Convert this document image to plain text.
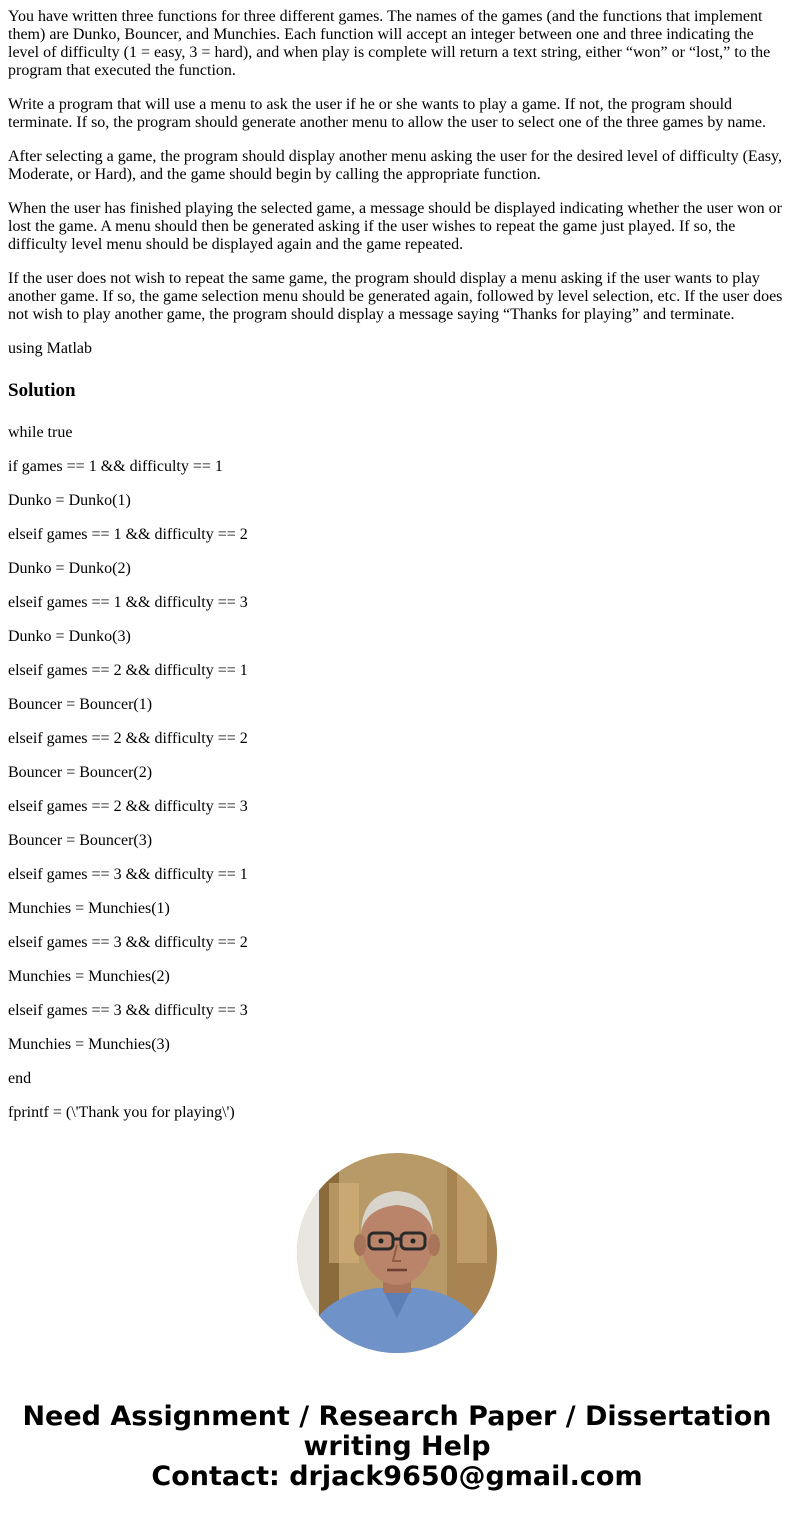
You have written three functions for three different games. The names of the games (and the functions that implement them) are Dunko, Bouncer, and Munchies. Each function will accept an integer between one and three indicating the level of difficulty (1 = easy, 3 = hard), and when play is complete will return a text string, either “won” or “lost,” to the program that executed the function.

Write a program that will use a menu to ask the user if he or she wants to play a game. If not, the program should terminate. If so, the program should generate another menu to allow the user to select one of the three games by name.

After selecting a game, the program should display another menu asking the user for the desired level of difficulty (Easy, Moderate, or Hard), and the game should begin by calling the appropriate function.

When the user has finished playing the selected game, a message should be displayed indicating whether the user won or lost the game. A menu should then be generated asking if the user wishes to repeat the game just played. If so, the difficulty level menu should be displayed again and the game repeated.

If the user does not wish to repeat the same game, the program should display a menu asking if the user wants to play another game. If so, the game selection menu should be generated again, followed by level selection, etc. If the user does not wish to play another game, the program should display a message saying “Thanks for playing” and terminate.

using Matlab

Solution

while true

if games == 1 && difficulty == 1

Dunko = Dunko(1)

elseif games == 1 && difficulty == 2

Dunko = Dunko(2)

elseif games == 1 && difficulty == 3

Dunko = Dunko(3)

elseif games == 2 && difficulty == 1

Bouncer = Bouncer(1)

elseif games == 2 && difficulty == 2

Bouncer = Bouncer(2)

elseif games == 2 && difficulty == 3

Bouncer = Bouncer(3)

elseif games == 3 && difficulty == 1

Munchies = Munchies(1)

elseif games == 3 && difficulty == 2

Munchies = Munchies(2)

elseif games == 3 && difficulty == 3

Munchies = Munchies(3)

end

fprintf = (\'Thank you for playing\')

Need Assignment / Research Paper / Dissertation
writing Help
Contact: drjack9650@gmail.com
